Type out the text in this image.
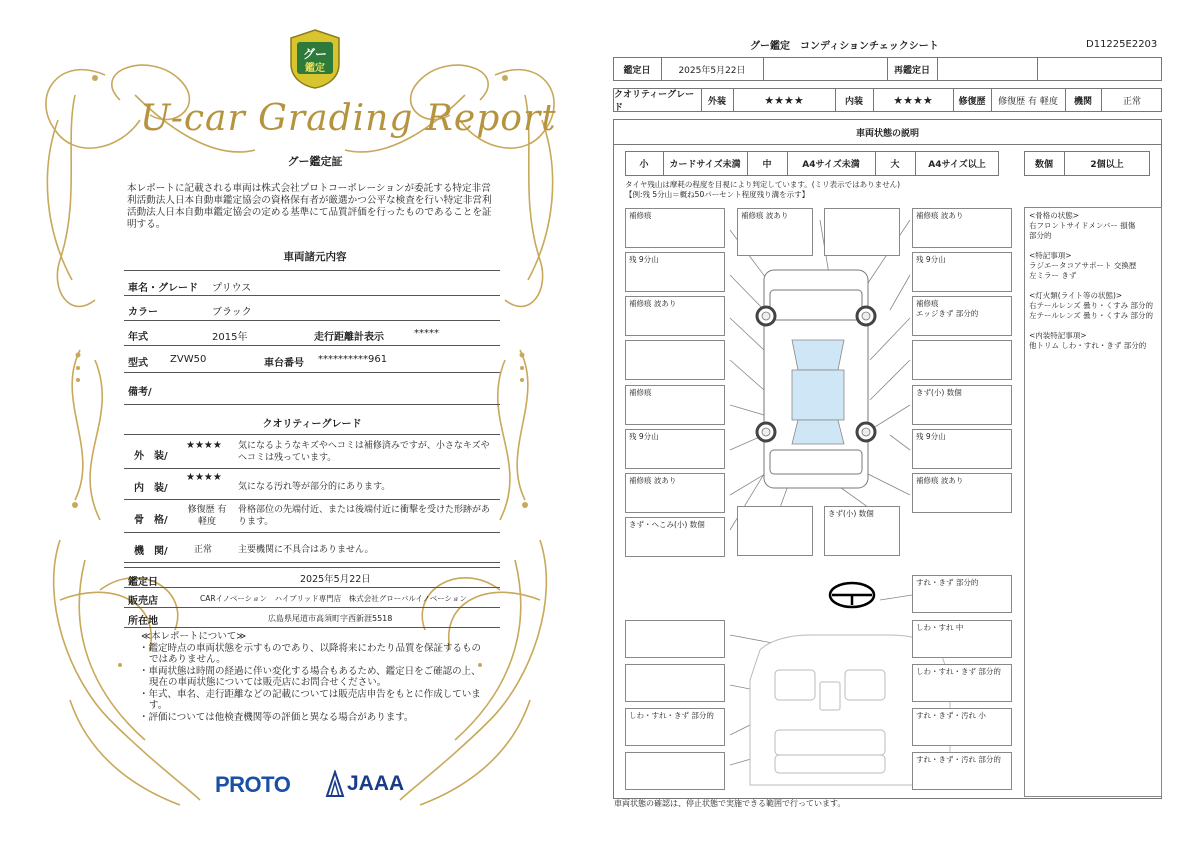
グー
鑑定
U-car Grading Report
グー鑑定証
本レポートに記載される車両は株式会社プロトコーポレーションが委託する特定非営利活動法人日本自動車鑑定協会の資格保有者が厳選かつ公平な検査を行い特定非営利活動法人日本自動車鑑定協会の定める基準にて品質評価を行ったものであることを証明する。
車両諸元内容
車名・グレード プリウス
カラー	ブラック
年式	2015年	走行距離計表示	*****
型式 ZVW50	車台番号 **********961
備考/
クオリティーグレード
外　装/
★★★★ 気になるようなキズやヘコミは補修済みですが、小さなキズやヘコミは残っています。
内　装/
★★★★
気になる汚れ等が部分的にあります。
骨　格/
修復歴 有
軽度
骨格部位の先端付近、または後端付近に衝撃を受けた形跡があります。
機　関/	正常	主要機関に不具合はありません。
鑑定日	2025年5月22日
販売店	CARイノベーション　ハイブリッド専門店　株式会社グローバルイノベーション
所在地	広島県尾道市高須町字西新涯5518
≪本レポートについて≫
・鑑定時点の車両状態を示すものであり、以降将来にわたり品質を保証するものではありません。
・車両状態は時間の経過に伴い変化する場合もあるため、鑑定日をご確認の上、現在の車両状態については販売店にお問合せください。
・年式、車名、走行距離などの記載については販売店申告をもとに作成しています。
・評価については他検査機関等の評価と異なる場合があります。
PROTO	JAAA
グー鑑定　コンディションチェックシート	D11225E2203
鑑定日	2025年5月22日	再鑑定日
クオリティーグレード
外装	★★★★	内装	★★★★	修復歴	修復歴 有 軽度	機関	正常
車両状態の説明
小	カードサイズ未満	中	A4サイズ未満	大	A4サイズ以上	数個	2個以上
タイヤ残山は摩耗の程度を目視により判定しています。(ミリ表示ではありません)
【例:残 5分山＝概ね50パーセント程度残り溝を示す】
補修痕	補修痕 波あり	補修痕 波あり
残 9分山	残 9分山
補修痕 波あり	補修痕
エッジきず 部分的
補修痕	きず(小) 数個
残 9分山	残 9分山
補修痕 波あり	補修痕 波あり
きず・へこみ(小) 数個
きず(小) 数個

<骨格の状態>
右フロントサイドメンバー 損傷
部分的

<特記事項>
ラジエータコアサポート 交換歴
左ミラー きず

<灯火類(ライト等の状態)>
右テールレンズ 曇り・くすみ 部分的
左テールレンズ 曇り・くすみ 部分的

<内装特記事項>
他トリム しわ・すれ・きず 部分的

すれ・きず 部分的
しわ・すれ 中
しわ・すれ・きず 部分的
しわ・すれ・きず 部分的	すれ・きず・汚れ 小
すれ・きず・汚れ 部分的
車両状態の確認は、停止状態で実施できる範囲で行っています。
